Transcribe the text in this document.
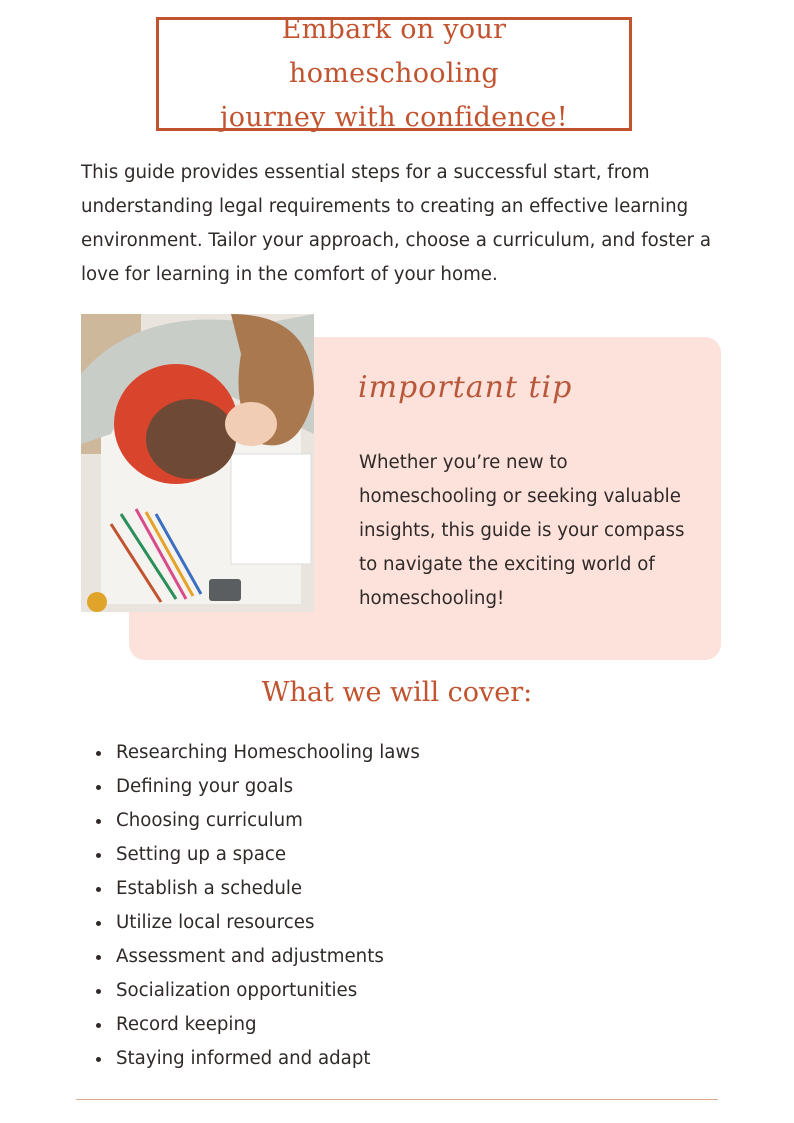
Embark on your homeschooling
journey with confidence!

This guide provides essential steps for a successful start, from understanding legal requirements to creating an effective learning environment. Tailor your approach, choose a curriculum, and foster a love for learning in the comfort of your home.

important tip

Whether you’re new to homeschooling or seeking valuable insights, this guide is your compass to navigate the exciting world of homeschooling!

What we will cover:
Researching Homeschooling laws
Defining your goals
Choosing curriculum
Setting up a space
Establish a schedule
Utilize local resources
Assessment and adjustments
Socialization opportunities
Record keeping
Staying informed and adapt
